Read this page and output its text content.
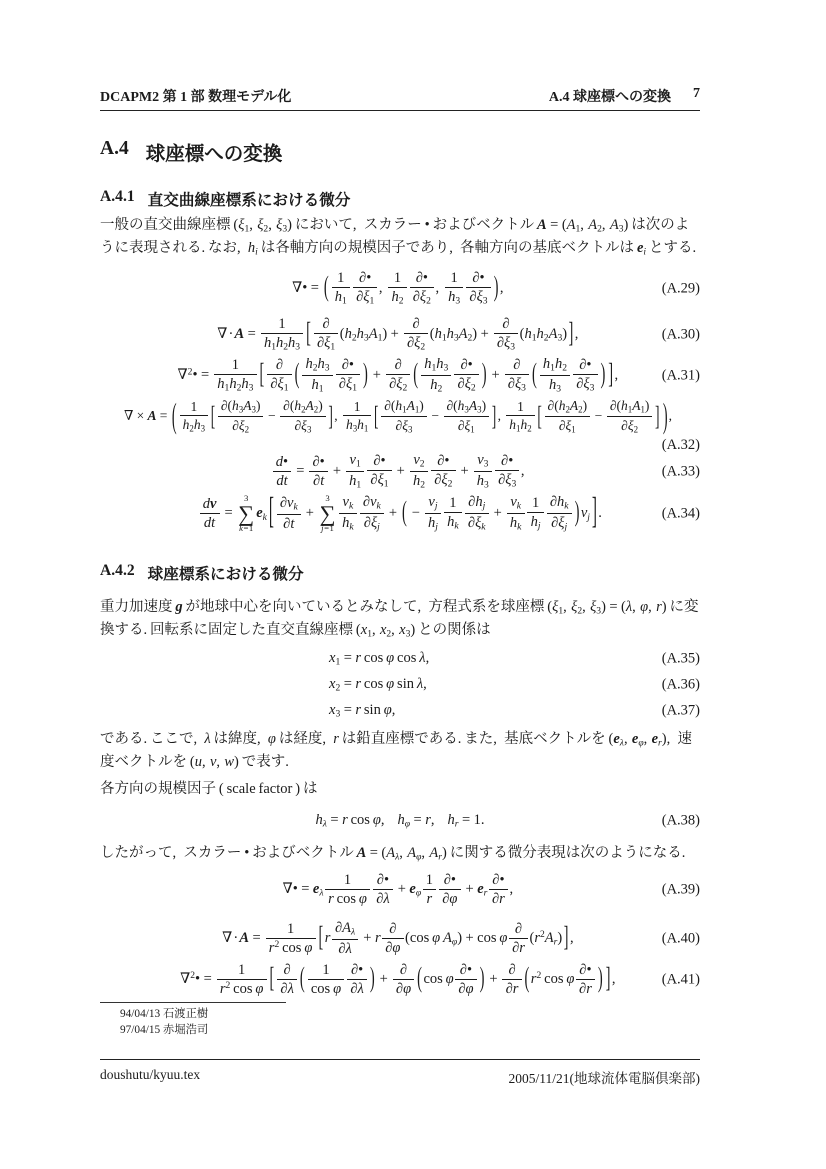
DCAPM2 第 1 部 数理モデル化	A.4 球座標への変換 7
A.4 球座標への変換
A.4.1 直交曲線座標系における微分
一般の直交曲線座標 (ξ1, ξ2, ξ3) において, スカラー • およびベクトル A = (A1, A2, A3) は次のように表現される. なお, hi は各軸方向の規模因子であり, 各軸方向の基底ベクトルは ei とする.
∇• = ( $\frac{1}{h1}$ ∂•
∂ξ1
, $\frac{1}{h2}$ ∂•
∂ξ2
, $\frac{1}{h3}$ ∂•
∂ξ3 ),	(A.29)
$\nabla\cdot A = \frac{1}{h1h2h3}$ [ ∂
∂ξ1
(h2h3A1) +
∂
∂ξ2
(h1h3A2) +
∂
∂ξ3
(h1h2A3)],	(A.30)
∇$^2$• = $\frac{1}{h1h2h3}$ [ ∂
∂ξ1 ( $\frac{h2h3}{h1}$ ∂•
∂ξ1 ) +
∂
∂ξ2 ( $\frac{h1h3}{h2}$ ∂•
∂ξ2 ) +
∂
∂ξ3 ( $\frac{h1h2}{h3}$ ∂•
∂ξ3 ) ],	(A.31)
∇ × A = ( $\frac{1}{h2h3}$ [ $\frac{\partial(h3A3)}{\partial\xi 2} - \frac{\partial(h2A2)}{\partial\xi 3}$ ], $\frac{1}{h3h1}$ [ $\frac{\partial(h1A1)}{\partial\xi 3} - \frac{\partial(h3A3)}{\partial\xi 1}$ ], $\frac{1}{h1h2}$ [ $\frac{\partial(h2A2)}{\partial\xi 1} - \frac{\partial(h1A1)}{\partial\xi 2}$ ] ),
(A.32)
$\frac{d•}{dt}$ =
∂•
∂t
+ $\frac{v1}{h1}$ ∂•
∂ξ1
+ $\frac{v2}{h2}$ ∂•
∂ξ2
+ $\frac{v3}{h3}$ ∂•
∂ξ3
,	(A.33)
$\frac{dv}{dt}$ =
3
∑
k=1
ek [ $\frac{\partial vk}{\partial t}$ +
3
∑
$j=1 \frac{vk}{hk} \frac{\partial vk}{\partial\xi j}$ + ( − $\frac{vj}{hj} \frac{1}{hk} \frac{\partial hj}{\partial\xi k} + \frac{vk}{hk} \frac{1}{hj} \frac{\partial hk}{\partial\xi j} )vj$ ] .	(A.34)
A.4.2 球座標系における微分
重力加速度 g が地球中心を向いているとみなして, 方程式系を球座標 (ξ1, ξ2, ξ3) = (λ, φ, r) に変換する. 回転系に固定した直交直線座標 (x1, x2, x3) との関係は
x1 = r cos φ cos λ,	(A.35)
x2 = r cos φ sin λ,	(A.36)
x3 = r sin φ,	(A.37)
である. ここで, λ は緯度, φ は経度, r は鉛直座標である. また, 基底ベクトルを (eλ, eφ, er), 速度ベクトルを (u, v, w) で表す.
各方向の規模因子 ( scale factor ) は
hλ = r cos φ, hφ = r, hr = 1.	(A.38)
したがって, スカラー • およびベクトル A = (Aλ, Aφ, Ar) に関する微分表現は次のようになる.
∇• = eλ $\frac{1}{\text{r cos φ}}$ ∂•
∂λ
+ eφ $\frac{1}{r}$ ∂•
∂φ
+ er
∂•
∂r
,	(A.39)
$\nabla\cdot A = \frac{1}{r^2 \cos \varphi} [r \frac{\partial A\lambda}{\partial\lambda} + r$
∂
∂φ
(cos φ Aφ) + cos φ
∂
∂r
$(r^2Ar)$],	(A.40)
∇$^2$• = $\frac{1}{r^2 \cos \varphi}$ [ ∂
∂λ ( $\frac{1}{\text{cos φ}}$ ∂•
∂λ ) +
∂
∂φ (cos φ
∂•
∂φ ) +
∂
∂r ($r^2$ cos φ
∂•
∂r ) ],	(A.41)
94/04/13 石渡正樹
97/04/15 赤堀浩司
doushutu/kyuu.tex	2005/11/21(地球流体電脳倶楽部)
